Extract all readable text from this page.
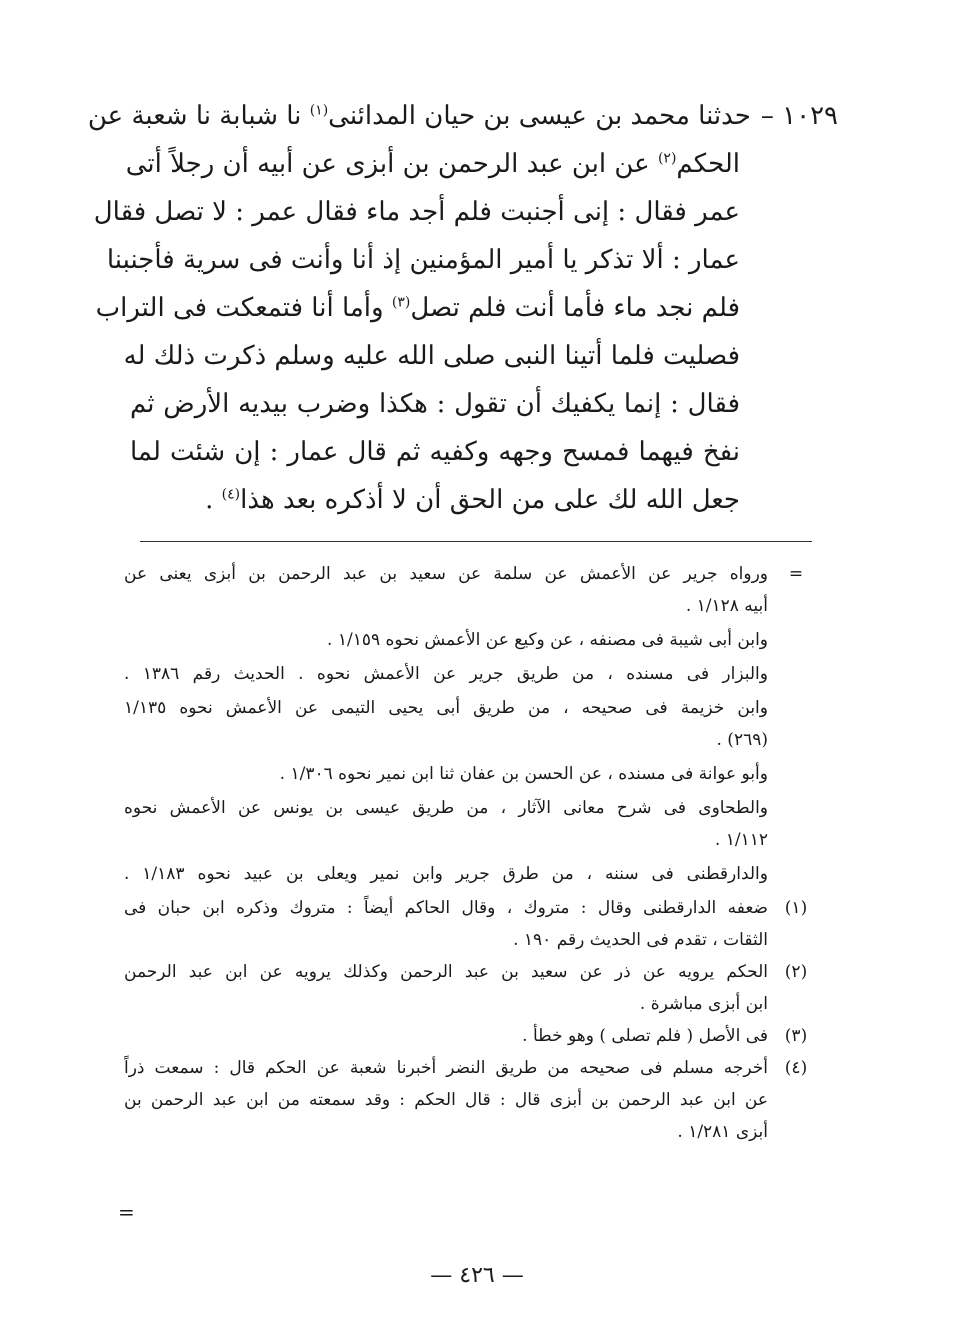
١٠٢٩ –حدثنا محمد بن عيسى بن حيان المدائنى$^{(١)}$ نا شبابة نا شعبة عن
الحكم$^{(٢)}$ عن ابن عبد الرحمن بن أبزى عن أبيه أن رجلاً أتى
عمر فقال : إنى أجنبت فلم أجد ماء فقال عمر : لا تصل فقال
عمار : ألا تذكر يا أمير المؤمنين إذ أنا وأنت فى سرية فأجنبنا
فلم نجد ماء فأما أنت فلم تصل$^{(٣)}$ وأما أنا فتمعكت فى التراب
فصليت فلما أتينا النبى صلى الله عليه وسلم ذكرت ذلك له
فقال : إنما يكفيك أن تقول : هكذا وضرب بيديه الأرض ثم
نفخ فيهما فمسح وجهه وكفيه ثم قال عمار : إن شئت لما
جعل الله لك على من الحق أن لا أذكره بعد هذا$^{(٤)}$ .
=
ورواه جرير عن الأعمش عن سلمة عن سعيد بن عبد الرحمن بن أبزى يعنى عن
أبيه ١/١٢٨ .
وابن أبى شيبة فى مصنفه ، عن وكيع عن الأعمش نحوه ١/١٥٩ .
والبزار فى مسنده ، من طريق جرير عن الأعمش نحوه . الحديث رقم ١٣٨٦ .
وابن خزيمة فى صحيحه ، من طريق أبى يحيى التيمى عن الأعمش نحوه ١/١٣٥
(٢٦٩) .
وأبو عوانة فى مسنده ، عن الحسن بن عفان ثنا ابن نمير نحوه ١/٣٠٦ .
والطحاوى فى شرح معانى الآثار ، من طريق عيسى بن يونس عن الأعمش نحوه
١/١١٢ .
والدارقطنى فى سننه ، من طرق جرير وابن نمير ويعلى بن عبيد نحوه ١/١٨٣ .
(١)
ضعفه الدارقطنى وقال : متروك ، وقال الحاكم أيضاً : متروك وذكره ابن حبان فى
الثقات ، تقدم فى الحديث رقم ١٩٠ .
(٢)
الحكم يرويه عن ذر عن سعيد بن عبد الرحمن وكذلك يرويه عن ابن عبد الرحمن
ابن أبزى مباشرة .
(٣)
فى الأصل ( فلم تصلى ) وهو خطأ .
(٤)
أخرجه مسلم فى صحيحه من طريق النضر أخبرنا شعبة عن الحكم قال : سمعت ذراً
عن ابن عبد الرحمن بن أبزى قال : قال الحكم : وقد سمعته من ابن عبد الرحمن بن
أبزى ١/٢٨١ .
=
— ٤٢٦ —
